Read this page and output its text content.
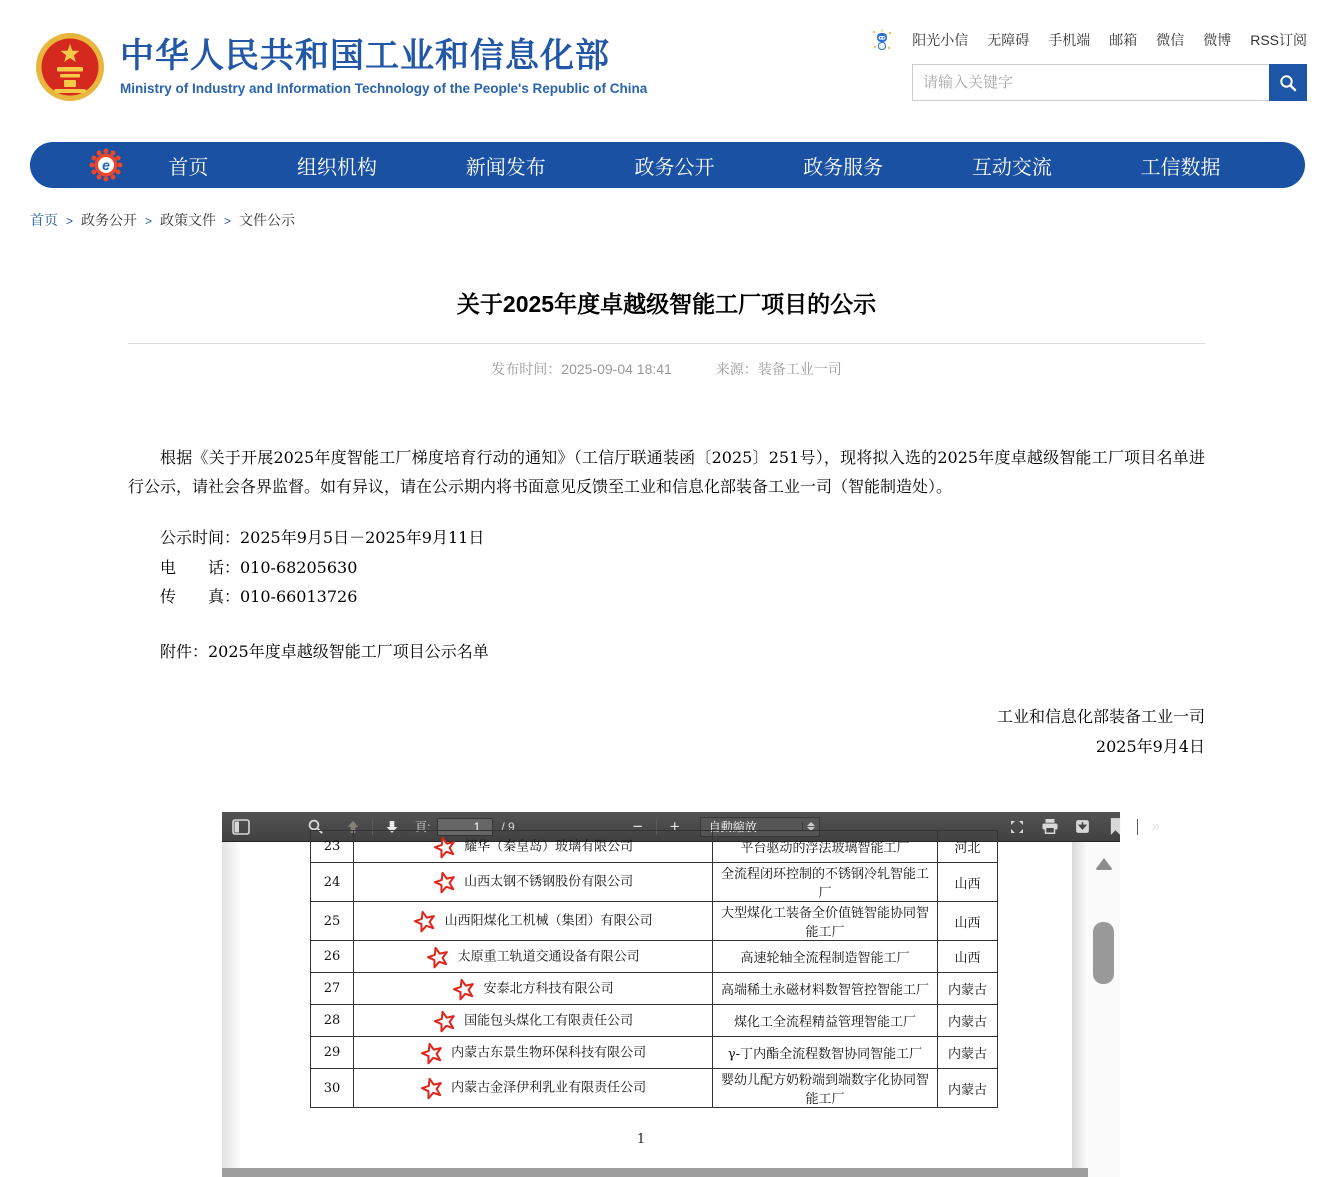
中华人民共和国工业和信息化部
Ministry of Industry and Information Technology of the People's Republic of China
阳光小信 无障碍 手机端 邮箱 微信 微博 RSS订阅
请输入关键字
e	首页	组织机构	新闻发布	政务公开	政务服务	互动交流	工信数据
首页 > 政务公开 > 政策文件 > 文件公示
关于2025年度卓越级智能工厂项目的公示
发布时间：2025-09-04 18:41	来源：装备工业一司

根据《关于开展2025年度智能工厂梯度培育行动的通知》（工信厅联通装函〔2025〕251号），现将拟入选的2025年度卓越级智能工厂项目名单进行公示，请社会各界监督。如有异议，请在公示期内将书面意见反馈至工业和信息化部装备工业一司（智能制造处）。

公示时间：2025年9月5日－2025年9月11日
电　　话：010-68205630
传　　真：010-66013726
附件：2025年度卓越级智能工厂项目公示名单
工业和信息化部装备工业一司
2025年9月4日
頁:
1	/ 9	− + 自動縮放	»
23	耀华（秦皇岛）玻璃有限公司	平台驱动的浮法玻璃智能工厂	河北
24	山西太钢不锈钢股份有限公司	全流程闭环控制的不锈钢冷轧智能工厂	山西
25	山西阳煤化工机械（集团）有限公司	大型煤化工装备全价值链智能协同智能工厂	山西
26	太原重工轨道交通设备有限公司	高速轮轴全流程制造智能工厂	山西
27	安泰北方科技有限公司	高端稀土永磁材料数智管控智能工厂	内蒙古
28	国能包头煤化工有限责任公司	煤化工全流程精益管理智能工厂	内蒙古
29	内蒙古东景生物环保科技有限公司	γ-丁内酯全流程数智协同智能工厂	内蒙古
30	内蒙古金泽伊利乳业有限责任公司	婴幼儿配方奶粉端到端数字化协同智能工厂	内蒙古
1
